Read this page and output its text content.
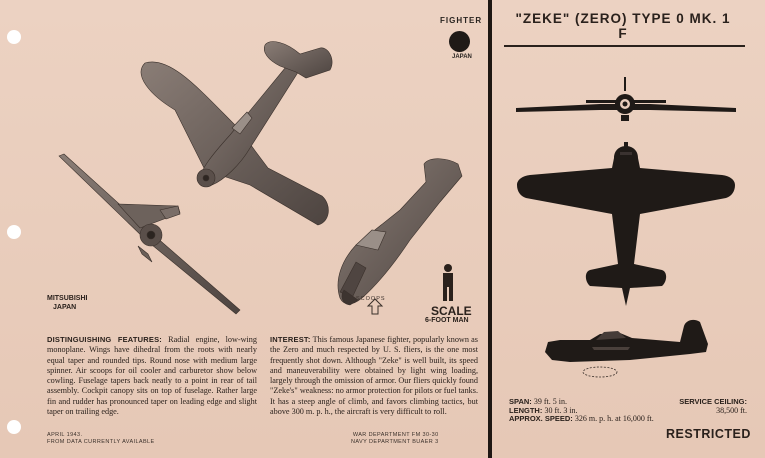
FIGHTER
JAPAN
"ZEKE" (ZERO) TYPE 0 MK. 1 F
MITSUBISHI
JAPAN
SCOOPS
SCALE
6-FOOT MAN
DISTINGUISHING FEATURES: Radial engine, low-wing monoplane. Wings have dihedral from the roots with nearly equal taper and rounded tips. Round nose with medium large spinner. Air scoops for oil cooler and carburetor show below cowling. Fuselage tapers back neatly to a point in rear of tail assembly. Cockpit canopy sits on top of fuselage. Rather large fin and rudder has pronounced taper on leading edge and slight taper on trailing edge.
INTEREST: This famous Japanese fighter, popularly known as the Zero and much respected by U. S. fliers, is the one most frequently shot down. Although "Zeke" is well built, its speed and maneuverability were obtained by light wing loading, largely through the omission of armor. Our fliers quickly found "Zeke's" weakness: no armor protection for pilots or fuel tanks. It has a steep angle of climb, and favors climbing tactics, but above 300 m. p. h., the aircraft is very difficult to roll.
APRIL 1943.
FROM DATA CURRENTLY AVAILABLE
WAR DEPARTMENT FM 30-30
NAVY DEPARTMENT BUAER 3
SPAN: 39 ft. 5 in.
LENGTH: 30 ft. 3 in.
APPROX. SPEED: 326 m. p. h. at 16,000 ft.
SERVICE CEILING:
38,500 ft.
RESTRICTED
